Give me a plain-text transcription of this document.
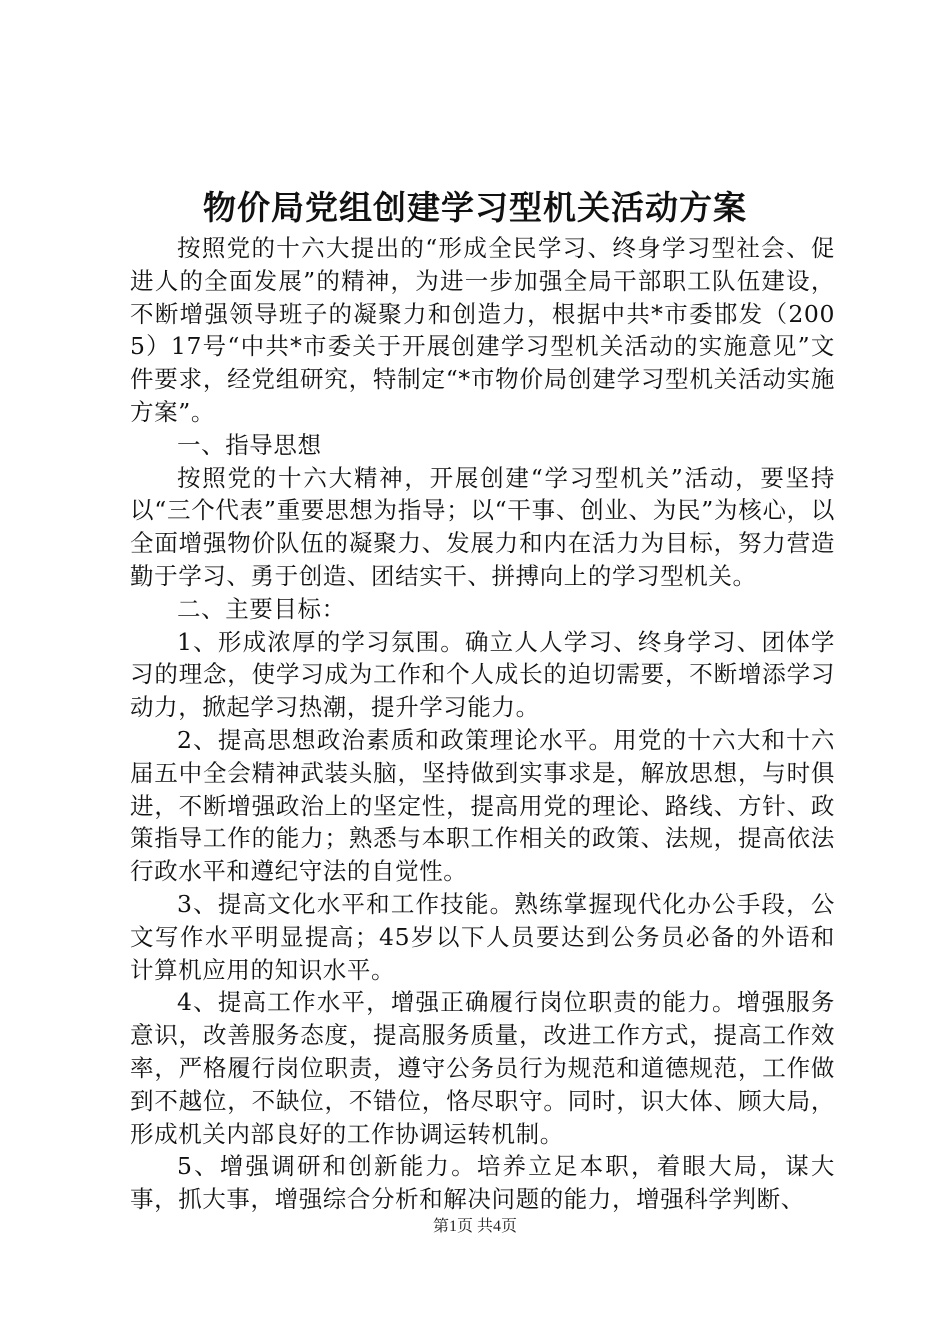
物价局党组创建学习型机关活动方案

按照党的十六大提出的“形成全民学习、终身学习型社会、促进人的全面发展”的精神，为进一步加强全局干部职工队伍建设，不断增强领导班子的凝聚力和创造力，根据中共*市委邯发（2005）17号“中共*市委关于开展创建学习型机关活动的实施意见”文件要求，经党组研究，特制定“*市物价局创建学习型机关活动实施方案”。

一、指导思想

按照党的十六大精神，开展创建“学习型机关”活动，要坚持以“三个代表”重要思想为指导；以“干事、创业、为民”为核心，以全面增强物价队伍的凝聚力、发展力和内在活力为目标，努力营造勤于学习、勇于创造、团结实干、拼搏向上的学习型机关。

二、主要目标：

1、形成浓厚的学习氛围。确立人人学习、终身学习、团体学习的理念，使学习成为工作和个人成长的迫切需要，不断增添学习动力，掀起学习热潮，提升学习能力。

2、提高思想政治素质和政策理论水平。用党的十六大和十六届五中全会精神武装头脑，坚持做到实事求是，解放思想，与时俱进，不断增强政治上的坚定性，提高用党的理论、路线、方针、政策指导工作的能力；熟悉与本职工作相关的政策、法规，提高依法行政水平和遵纪守法的自觉性。

3、提高文化水平和工作技能。熟练掌握现代化办公手段，公文写作水平明显提高；45岁以下人员要达到公务员必备的外语和计算机应用的知识水平。

4、提高工作水平，增强正确履行岗位职责的能力。增强服务意识，改善服务态度，提高服务质量，改进工作方式，提高工作效率，严格履行岗位职责，遵守公务员行为规范和道德规范，工作做到不越位，不缺位，不错位，恪尽职守。同时，识大体、顾大局，形成机关内部良好的工作协调运转机制。

5、增强调研和创新能力。培养立足本职，着眼大局，谋大事，抓大事，增强综合分析和解决问题的能力，增强科学判断、

第1页 共4页
